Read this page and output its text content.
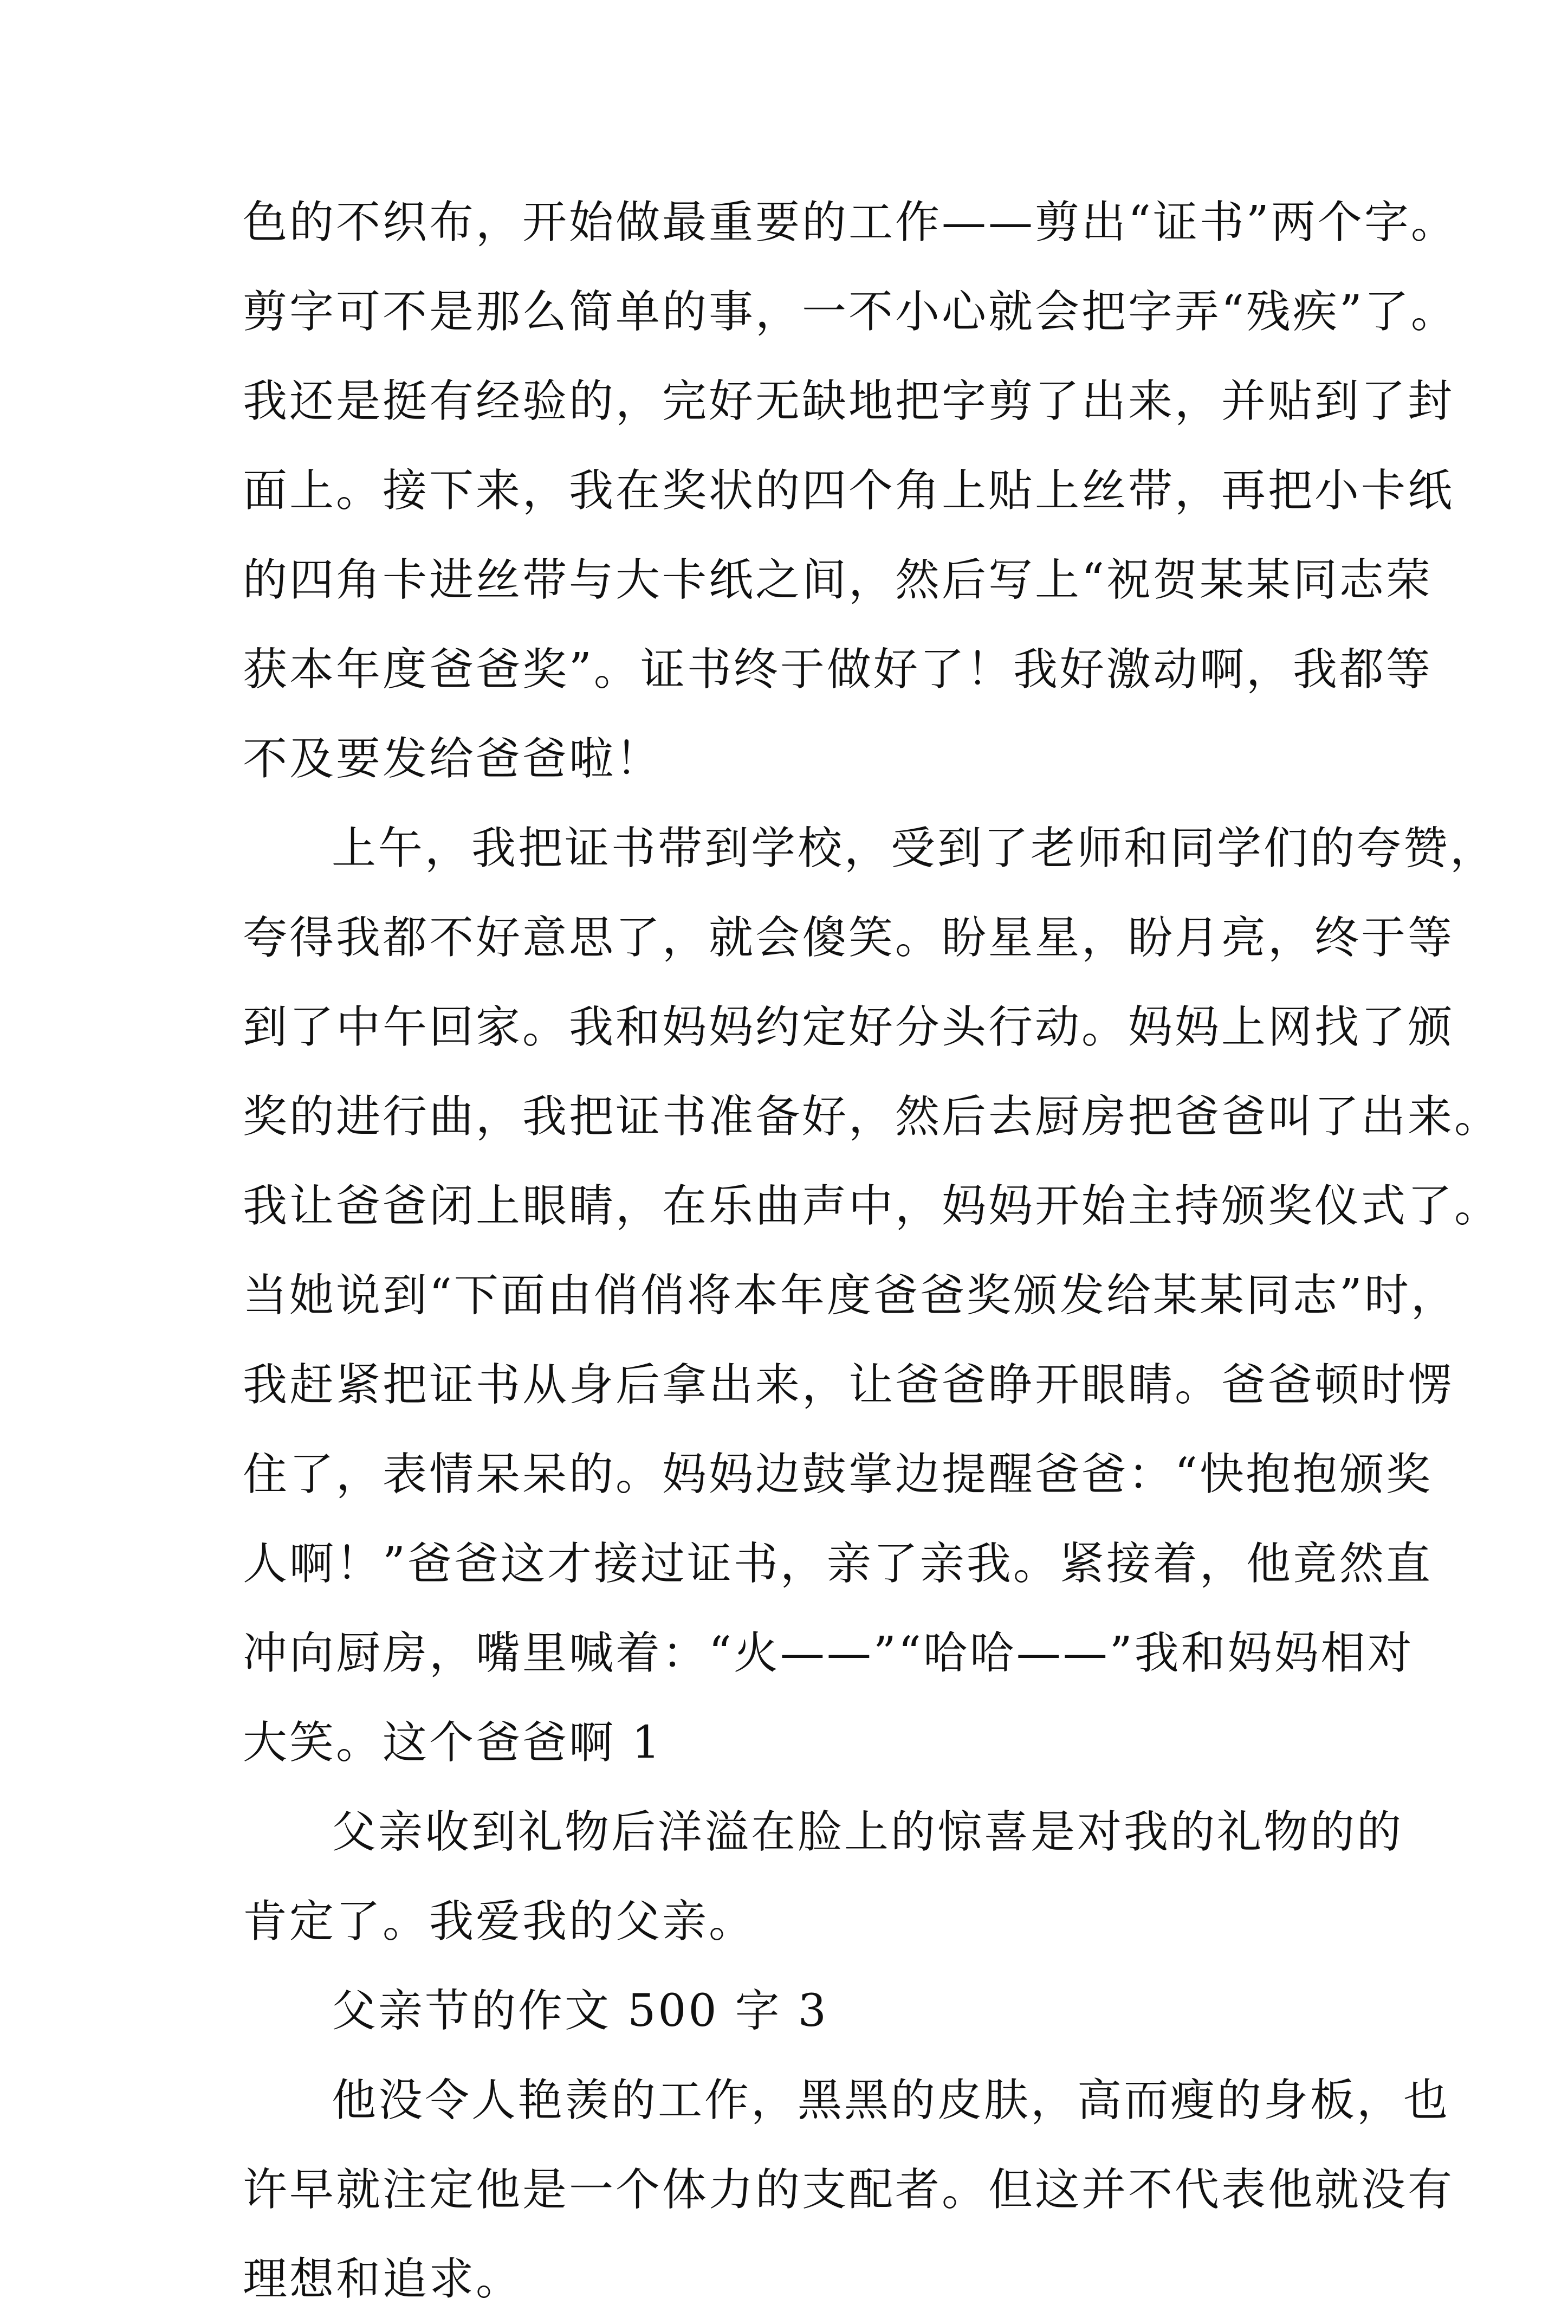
色的不织布，开始做最重要的工作——剪出“证书”两个字。
剪字可不是那么简单的事，一不小心就会把字弄“残疾”了。
我还是挺有经验的，完好无缺地把字剪了出来，并贴到了封
面上。接下来，我在奖状的四个角上贴上丝带，再把小卡纸
的四角卡进丝带与大卡纸之间，然后写上“祝贺某某同志荣
获本年度爸爸奖”。证书终于做好了！我好激动啊，我都等
不及要发给爸爸啦！
上午，我把证书带到学校，受到了老师和同学们的夸赞，
夸得我都不好意思了，就会傻笑。盼星星，盼月亮，终于等
到了中午回家。我和妈妈约定好分头行动。妈妈上网找了颁
奖的进行曲，我把证书准备好，然后去厨房把爸爸叫了出来。
我让爸爸闭上眼睛，在乐曲声中，妈妈开始主持颁奖仪式了。
当她说到“下面由俏俏将本年度爸爸奖颁发给某某同志”时，
我赶紧把证书从身后拿出来，让爸爸睁开眼睛。爸爸顿时愣
住了，表情呆呆的。妈妈边鼓掌边提醒爸爸：“快抱抱颁奖
人啊！”爸爸这才接过证书，亲了亲我。紧接着，他竟然直
冲向厨房，嘴里喊着：“火——”“哈哈——”我和妈妈相对
大笑。这个爸爸啊 1
父亲收到礼物后洋溢在脸上的惊喜是对我的礼物的的
肯定了。我爱我的父亲。
父亲节的作文 500 字 3
他没令人艳羡的工作，黑黑的皮肤，高而瘦的身板，也
许早就注定他是一个体力的支配者。但这并不代表他就没有
理想和追求。
